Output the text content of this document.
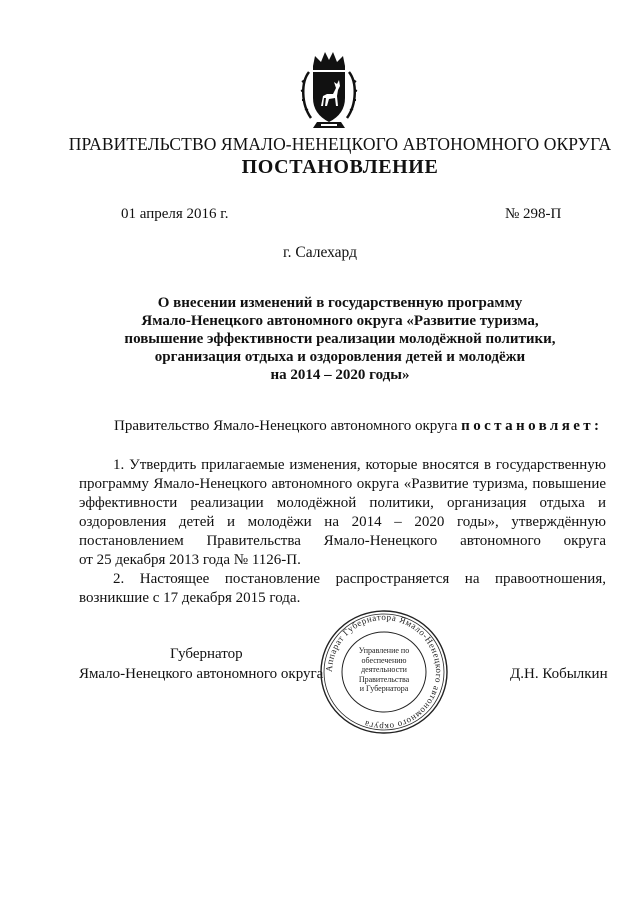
ПРАВИТЕЛЬСТВО ЯМАЛО-НЕНЕЦКОГО АВТОНОМНОГО ОКРУГА
ПОСТАНОВЛЕНИЕ
01 апреля 2016 г.	№ 298-П
г. Салехард
О внесении изменений в государственную программу
Ямало-Ненецкого автономного округа «Развитие туризма,
повышение эффективности реализации молодёжной политики,
организация отдыха и оздоровления детей и молодёжи
на 2014 – 2020 годы»
Правительство Ямало-Ненецкого автономного округа постановляет:
1. Утвердить прилагаемые изменения, которые вносятся в государственную
программу Ямало-Ненецкого автономного округа «Развитие туризма, повышение
эффективности реализации молодёжной политики, организация отдыха и
оздоровления детей и молодёжи на 2014 – 2020 годы», утверждённую
постановлением Правительства Ямало-Ненецкого автономного округа
от 25 декабря 2013 года № 1126-П.
2. Настоящее постановление распространяется на правоотношения,
возникшие с 17 декабря 2015 года.
Губернатор
Ямало-Ненецкого автономного округа	Д.Н. Кобылкин
Аппарат Губернатора Ямало-Ненецкого автономного округа
Управление по
обеспечению
деятельности
Правительства
и Губернатора
